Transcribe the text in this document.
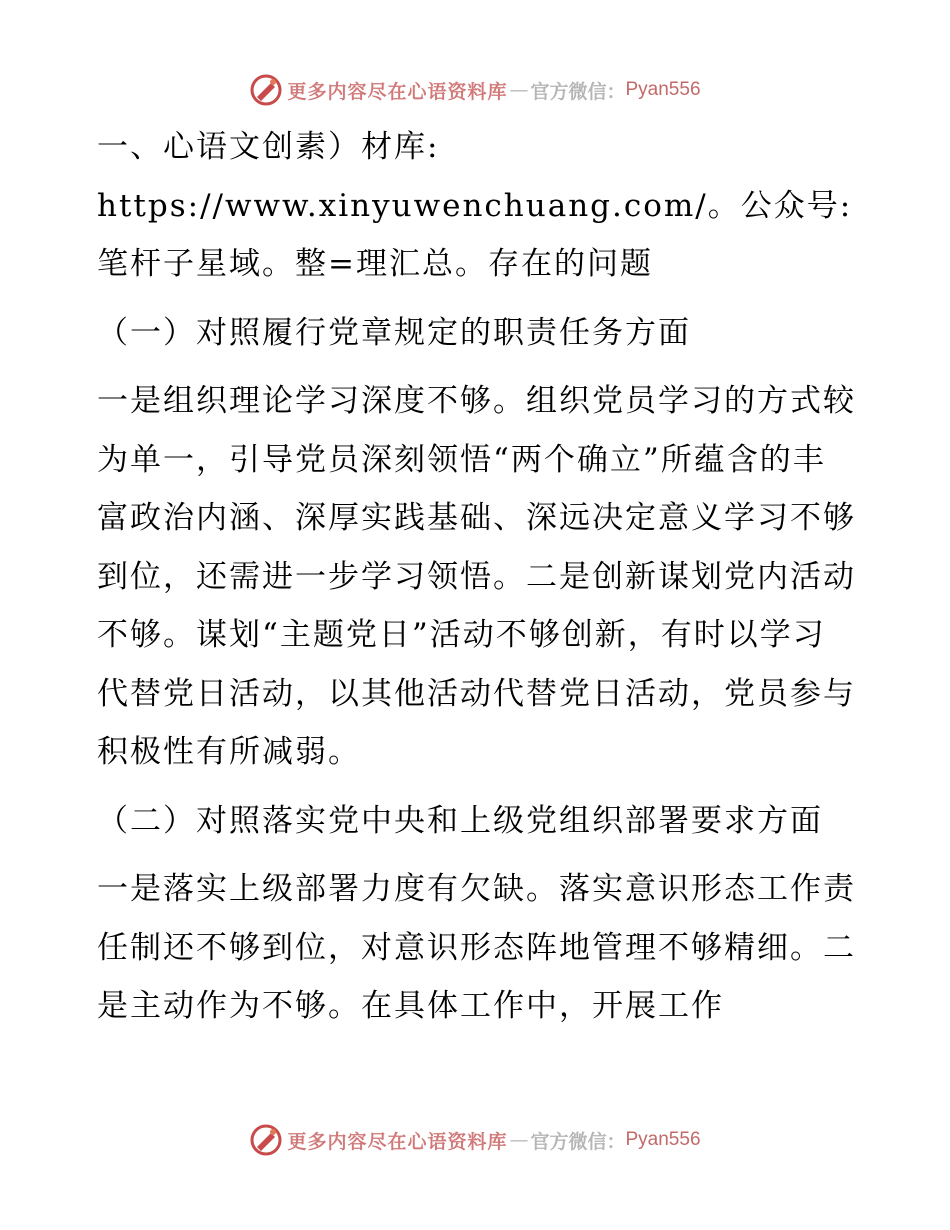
更多内容尽在心语资料库 — 官方微信： Pyan556

一、心语文创素）材库: https://www.xinyuwenchuang.com/。公众号: 笔杆子星域。整=理汇总。存在的问题

（一）对照履行党章规定的职责任务方面

一是组织理论学习深度不够。组织党员学习的方式较为单一，引导党员深刻领悟“两个确立”所蕴含的丰富政治内涵、深厚实践基础、深远决定意义学习不够到位，还需进一步学习领悟。二是创新谋划党内活动不够。谋划“主题党日”活动不够创新，有时以学习代替党日活动，以其他活动代替党日活动，党员参与积极性有所减弱。

（二）对照落实党中央和上级党组织部署要求方面

一是落实上级部署力度有欠缺。落实意识形态工作责任制还不够到位，对意识形态阵地管理不够精细。二是主动作为不够。在具体工作中，开展工作

更多内容尽在心语资料库 — 官方微信： Pyan556
